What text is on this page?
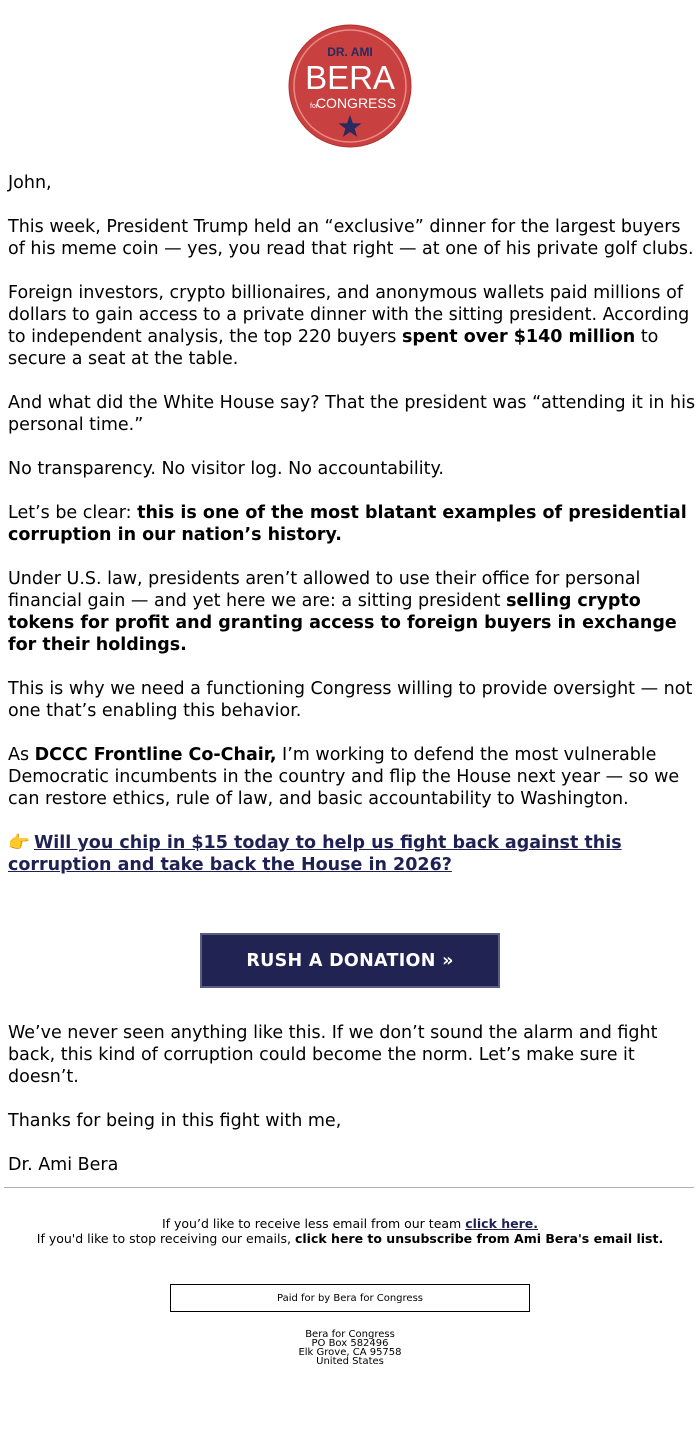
DR. AMI
BERA
for
CONGRESS

John,

This week, President Trump held an “exclusive” dinner for the largest buyers of his meme coin — yes, you read that right — at one of his private golf clubs.

Foreign investors, crypto billionaires, and anonymous wallets paid millions of dollars to gain access to a private dinner with the sitting president. According to independent analysis, the top 220 buyers spent over $140 million to secure a seat at the table.

And what did the White House say? That the president was “attending it in his personal time.”

No transparency. No visitor log. No accountability.

Let’s be clear: this is one of the most blatant examples of presidential corruption in our nation’s history.

Under U.S. law, presidents aren’t allowed to use their office for personal financial gain — and yet here we are: a sitting president selling crypto tokens for profit and granting access to foreign buyers in exchange for their holdings.

This is why we need a functioning Congress willing to provide oversight — not one that’s enabling this behavior.

As DCCC Frontline Co-Chair, I’m working to defend the most vulnerable Democratic incumbents in the country and flip the House next year — so we can restore ethics, rule of law, and basic accountability to Washington.

👉 Will you chip in $15 today to help us fight back against this corruption and take back the House in 2026?
RUSH A DONATION »

We’ve never seen anything like this. If we don’t sound the alarm and fight back, this kind of corruption could become the norm. Let’s make sure it doesn’t.

Thanks for being in this fight with me,

Dr. Ami Bera

If you’d like to receive less email from our team click here.
If you'd like to stop receiving our emails, click here to unsubscribe from Ami Bera's email list.
Paid for by Bera for Congress
Bera for Congress
PO Box 582496
Elk Grove, CA 95758
United States
